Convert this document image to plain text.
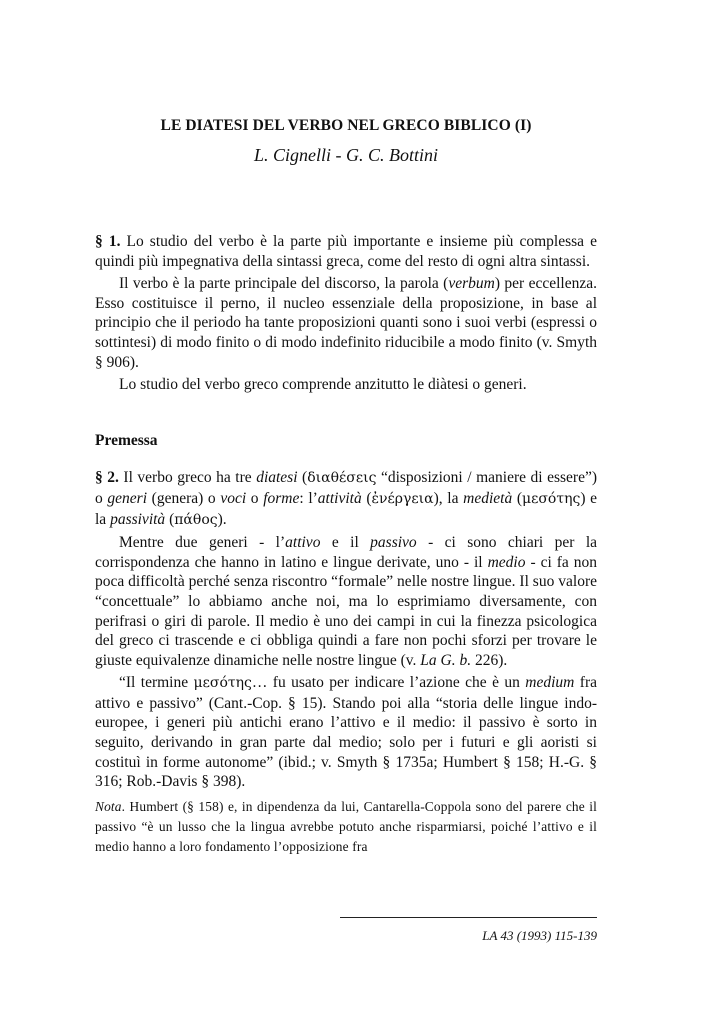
LE DIATESI DEL VERBO NEL GRECO BIBLICO (I)
L. Cignelli - G. C. Bottini

§ 1. Lo studio del verbo è la parte più importante e insieme più complessa e quindi più impegnativa della sintassi greca, come del resto di ogni altra sintassi.

Il verbo è la parte principale del discorso, la parola (verbum) per eccellenza. Esso costituisce il perno, il nucleo essenziale della proposizione, in base al principio che il periodo ha tante proposizioni quanti sono i suoi verbi (espressi o sottintesi) di modo finito o di modo indefinito riducibile a modo finito (v. Smyth § 906).

Lo studio del verbo greco comprende anzitutto le diàtesi o generi.

Premessa

§ 2. Il verbo greco ha tre diatesi (διαθέσεις “disposizioni / maniere di essere”) o generi (genera) o voci o forme: l’attività (ἐνέργεια), la medietà (μεσότης) e la passività (πάθος).

Mentre due generi - l’attivo e il passivo - ci sono chiari per la corrispondenza che hanno in latino e lingue derivate, uno - il medio - ci fa non poca difficoltà perché senza riscontro “formale” nelle nostre lingue. Il suo valore “concettuale” lo abbiamo anche noi, ma lo esprimiamo diversamente, con perifrasi o giri di parole. Il medio è uno dei campi in cui la finezza psicologica del greco ci trascende e ci obbliga quindi a fare non pochi sforzi per trovare le giuste equivalenze dinamiche nelle nostre lingue (v. La G. b. 226).

“Il termine μεσότης… fu usato per indicare l’azione che è un medium fra attivo e passivo” (Cant.-Cop. § 15). Stando poi alla “storia delle lingue indo-europee, i generi più antichi erano l’attivo e il medio: il passivo è sorto in seguito, derivando in gran parte dal medio; solo per i futuri e gli aoristi si costituì in forme autonome” (ibid.; v. Smyth § 1735a; Humbert § 158; H.-G. § 316; Rob.-Davis § 398).

Nota. Humbert (§ 158) e, in dipendenza da lui, Cantarella-Coppola sono del parere che il passivo “è un lusso che la lingua avrebbe potuto anche risparmiarsi, poiché l’attivo e il medio hanno a loro fondamento l’opposizione fra

LA 43 (1993) 115-139
